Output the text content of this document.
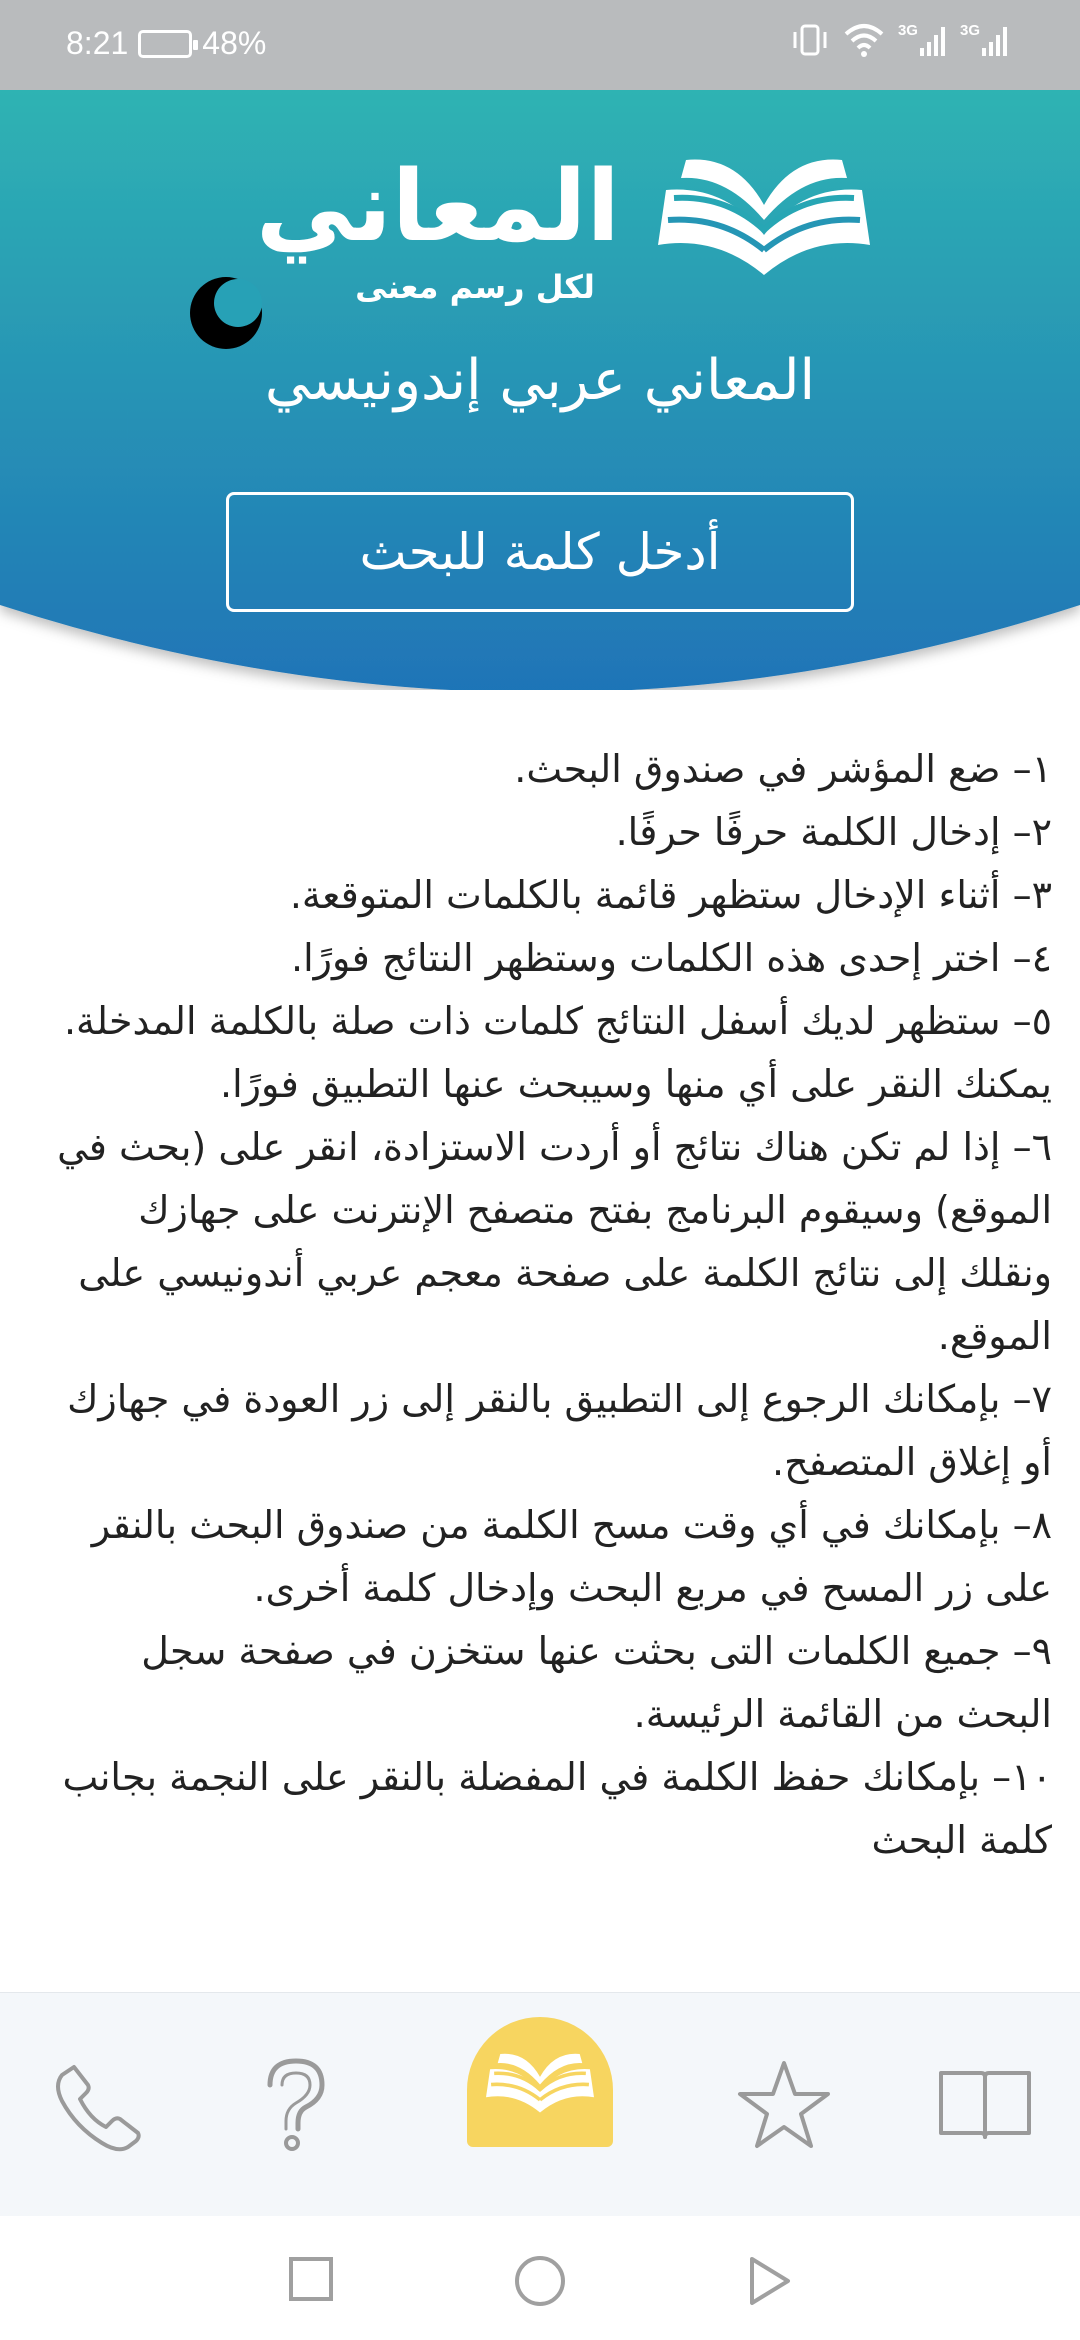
8:21 48%	3G	3G
المعاني
لكل رسم معنى
المعاني عربي إندونيسي
أدخل كلمة للبحث

١– ضع المؤشر في صندوق البحث.

٢– إدخال الكلمة حرفًا حرفًا.

٣– أثناء الإدخال ستظهر قائمة بالكلمات المتوقعة.

٤– اختر إحدى هذه الكلمات وستظهر النتائج فورًا.

٥– ستظهر لديك أسفل النتائج كلمات ذات صلة بالكلمة المدخلة. يمكنك النقر على أي منها وسيبحث عنها التطبيق فورًا.

٦– إذا لم تكن هناك نتائج أو أردت الاستزادة، انقر على (بحث في الموقع) وسيقوم البرنامج بفتح متصفح الإنترنت على جهازك ونقلك إلى نتائج الكلمة على صفحة معجم عربي أندونيسي على الموقع.

٧– بإمكانك الرجوع إلى التطبيق بالنقر إلى زر العودة في جهازك أو إغلاق المتصفح.

٨– بإمكانك في أي وقت مسح الكلمة من صندوق البحث بالنقر على زر المسح في مربع البحث وإدخال كلمة أخرى.

٩– جميع الكلمات التى بحثت عنها ستخزن في صفحة سجل البحث من القائمة الرئيسة.

١٠– بإمكانك حفظ الكلمة في المفضلة بالنقر على النجمة بجانب كلمة البحث
